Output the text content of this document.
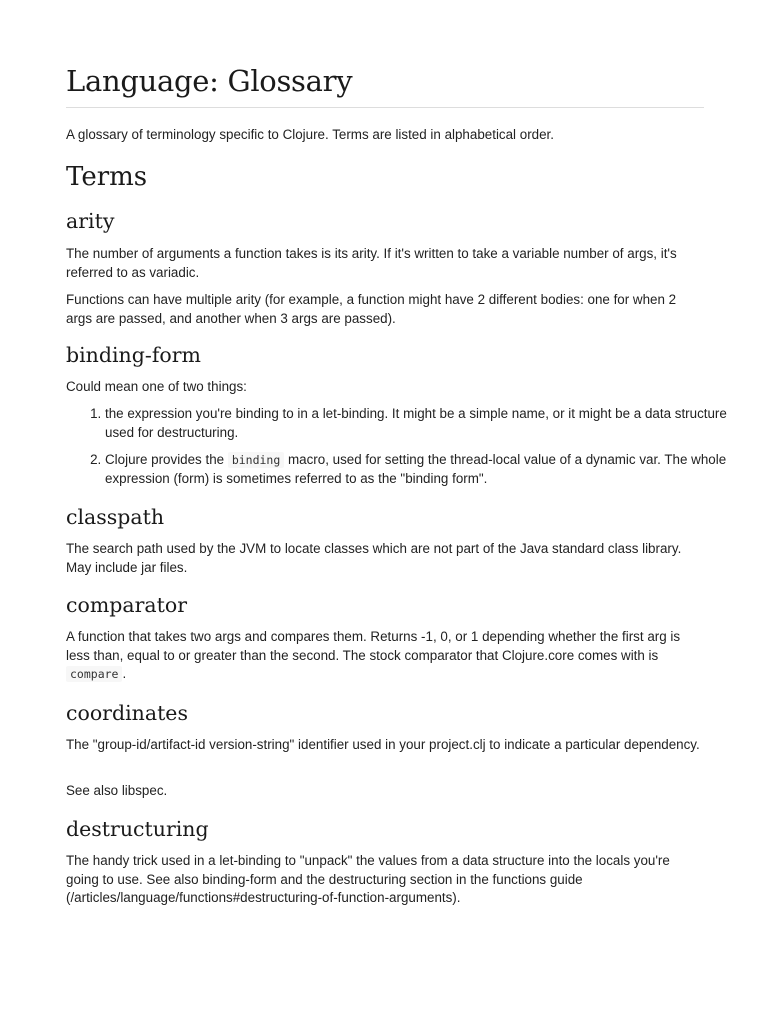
Language: Glossary

A glossary of terminology specific to Clojure. Terms are listed in alphabetical order.

Terms
arity

The number of arguments a function takes is its arity. If it's written to take a variable number of args, it's referred to as variadic.

Functions can have multiple arity (for example, a function might have 2 different bodies: one for when 2 args are passed, and another when 3 args are passed).

binding-form

Could mean one of two things:

1. the expression you're binding to in a let-binding. It might be a simple name, or it might be a data structure used for destructuring.
2. Clojure provides the binding macro, used for setting the thread-local value of a dynamic var. The whole expression (form) is sometimes referred to as the "binding form".
classpath

The search path used by the JVM to locate classes which are not part of the Java standard class library. May include jar files.

comparator

A function that takes two args and compares them. Returns -1, 0, or 1 depending whether the first arg is less than, equal to or greater than the second. The stock comparator that Clojure.core comes with is compare .

coordinates

The "group-id/artifact-id version-string" identifier used in your project.clj to indicate a particular dependency.

See also libspec.

destructuring

The handy trick used in a let-binding to "unpack" the values from a data structure into the locals you're going to use. See also binding-form and the destructuring section in the functions guide (/articles/language/functions#destructuring-of-function-arguments).
